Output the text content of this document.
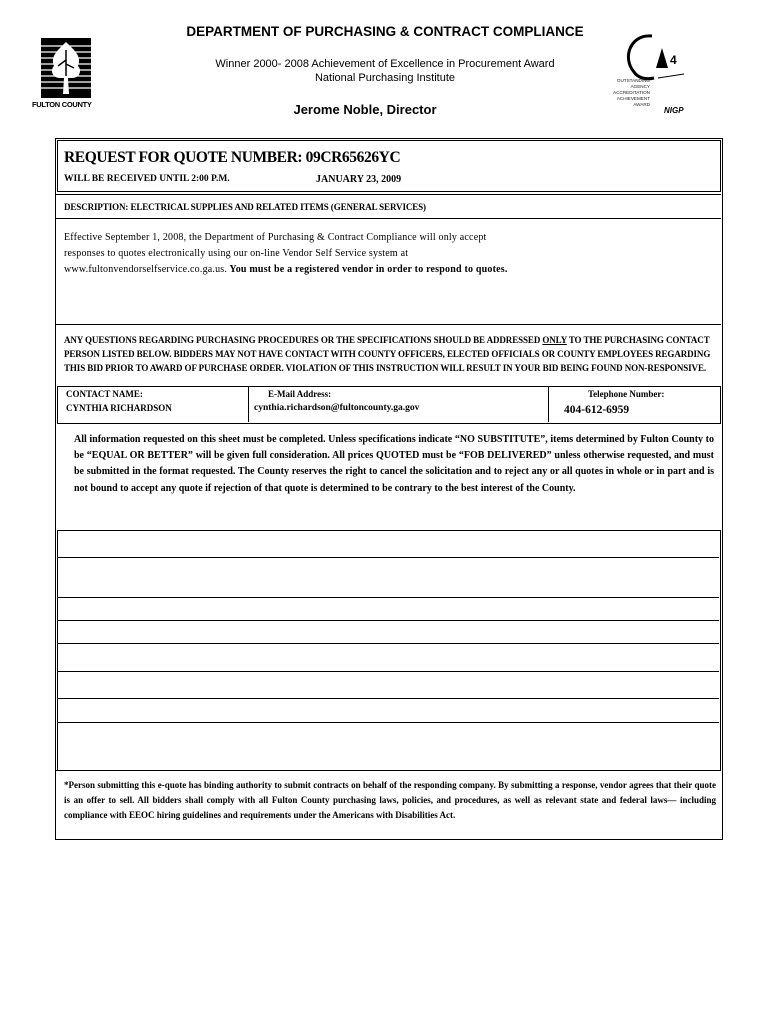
DEPARTMENT OF PURCHASING & CONTRACT COMPLIANCE
Winner 2000- 2008 Achievement of Excellence in Procurement Award
National Purchasing Institute
Jerome Noble, Director
FULTON COUNTY
4
OUTSTANDING
AGENCY
ACCREDITATION
ACHIEVEMENT
AWARD
NIGP
REQUEST FOR QUOTE NUMBER: 09CR65626YC
WILL BE RECEIVED UNTIL 2:00 P.M.	JANUARY 23, 2009
DESCRIPTION: ELECTRICAL SUPPLIES AND RELATED ITEMS (GENERAL SERVICES)
Effective September 1, 2008, the Department of Purchasing & Contract Compliance will only accept
responses to quotes electronically using our on-line Vendor Self Service system at
www.fultonvendorselfservice.co.ga.us. You must be a registered vendor in order to respond to quotes.
ANY QUESTIONS REGARDING PURCHASING PROCEDURES OR THE SPECIFICATIONS SHOULD BE ADDRESSED ONLY TO THE PURCHASING CONTACT PERSON LISTED BELOW. BIDDERS MAY NOT HAVE CONTACT WITH COUNTY OFFICERS, ELECTED OFFICIALS OR COUNTY EMPLOYEES REGARDING THIS BID PRIOR TO AWARD OF PURCHASE ORDER. VIOLATION OF THIS INSTRUCTION WILL RESULT IN YOUR BID BEING FOUND NON-RESPONSIVE.
CONTACT NAME:	E-Mail Address:	Telephone Number:
CYNTHIA RICHARDSON	cynthia.richardson@fultoncounty.ga.gov	404-612-6959
All information requested on this sheet must be completed. Unless specifications indicate “NO SUBSTITUTE”, items determined by Fulton County to be “EQUAL OR BETTER” will be given full consideration. All prices QUOTED must be “FOB DELIVERED” unless otherwise requested, and must be submitted in the format requested. The County reserves the right to cancel the solicitation and to reject any or all quotes in whole or in part and is not bound to accept any quote if rejection of that quote is determined to be contrary to the best interest of the County.
*Person submitting this e-quote has binding authority to submit contracts on behalf of the responding company. By submitting a response, vendor agrees that their quote is an offer to sell. All bidders shall comply with all Fulton County purchasing laws, policies, and procedures, as well as relevant state and federal laws— including compliance with EEOC hiring guidelines and requirements under the Americans with Disabilities Act.
